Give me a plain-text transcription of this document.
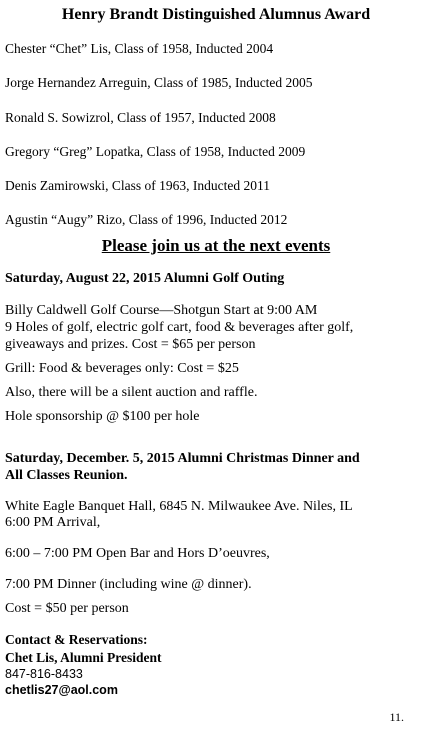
Henry Brandt Distinguished Alumnus Award
Chester “Chet” Lis, Class of 1958, Inducted 2004
Jorge Hernandez Arreguin, Class of 1985, Inducted 2005
Ronald S. Sowizrol, Class of 1957, Inducted 2008
Gregory “Greg” Lopatka, Class of 1958, Inducted 2009
Denis Zamirowski, Class of 1963, Inducted 2011
Agustin “Augy” Rizo, Class of 1996, Inducted 2012
Please join us at the next events
Saturday, August 22, 2015 Alumni Golf Outing
Billy Caldwell Golf Course—Shotgun Start at 9:00 AM
9 Holes of golf, electric golf cart, food & beverages after golf,
giveaways and prizes. Cost = $65 per person
Grill: Food & beverages only: Cost = $25
Also, there will be a silent auction and raffle.
Hole sponsorship @ $100 per hole
Saturday, December. 5, 2015 Alumni Christmas Dinner and
All Classes Reunion.
White Eagle Banquet Hall, 6845 N. Milwaukee Ave. Niles, IL
6:00 PM Arrival,
6:00 – 7:00 PM Open Bar and Hors D’oeuvres,
7:00 PM Dinner (including wine @ dinner).
Cost = $50 per person
Contact & Reservations:
Chet Lis, Alumni President
847-816-8433
chetlis27@aol.com
11.
